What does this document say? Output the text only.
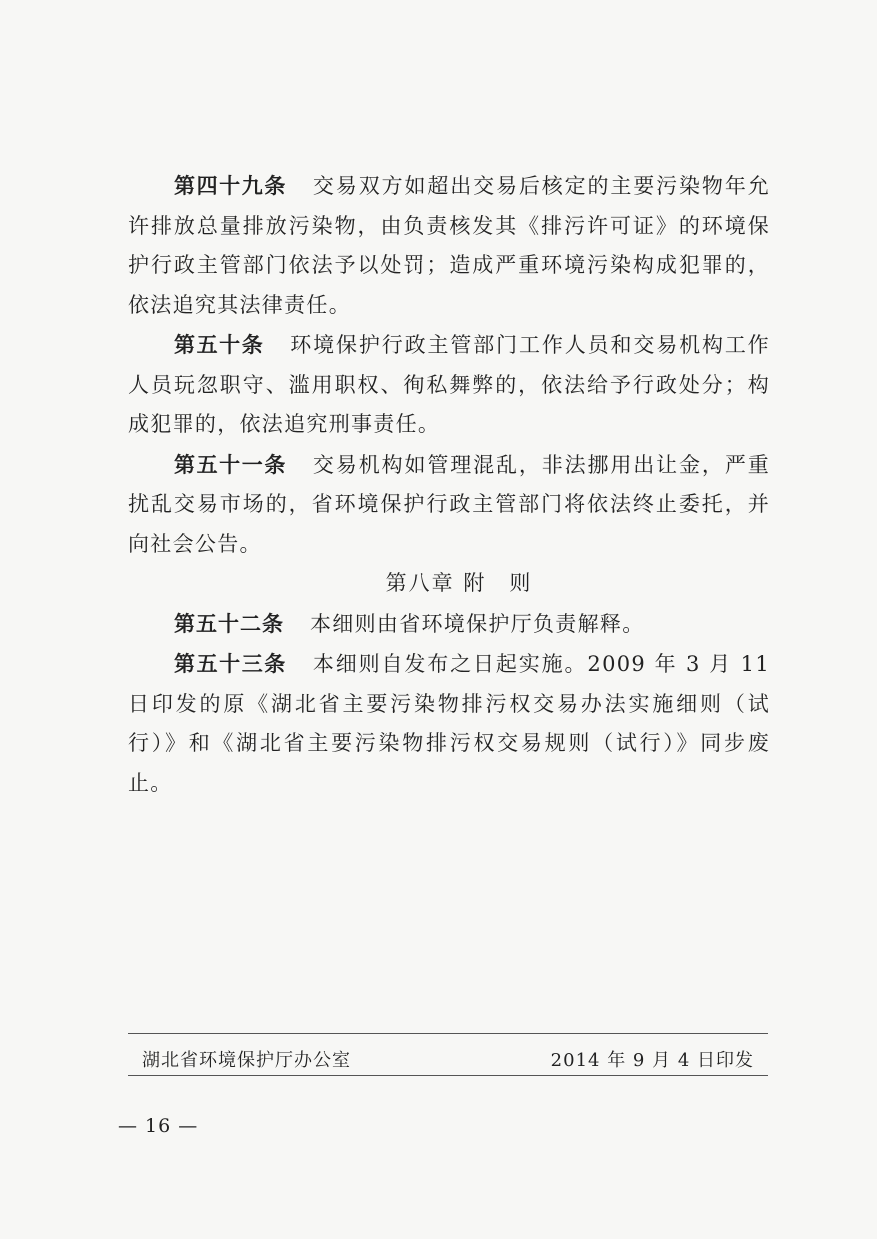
第四十九条 交易双方如超出交易后核定的主要污染物年允许排放总量排放污染物，由负责核发其《排污许可证》的环境保护行政主管部门依法予以处罚；造成严重环境污染构成犯罪的，依法追究其法律责任。

第五十条 环境保护行政主管部门工作人员和交易机构工作人员玩忽职守、滥用职权、徇私舞弊的，依法给予行政处分；构成犯罪的，依法追究刑事责任。

第五十一条 交易机构如管理混乱，非法挪用出让金，严重扰乱交易市场的，省环境保护行政主管部门将依法终止委托，并向社会公告。

第八章 附　则

第五十二条 本细则由省环境保护厅负责解释。

第五十三条 本细则自发布之日起实施。2009 年 3 月 11 日印发的原《湖北省主要污染物排污权交易办法实施细则（试行）》和《湖北省主要污染物排污权交易规则（试行）》同步废止。

湖北省环境保护厅办公室	2014 年 9 月 4 日印发
— 16 —
